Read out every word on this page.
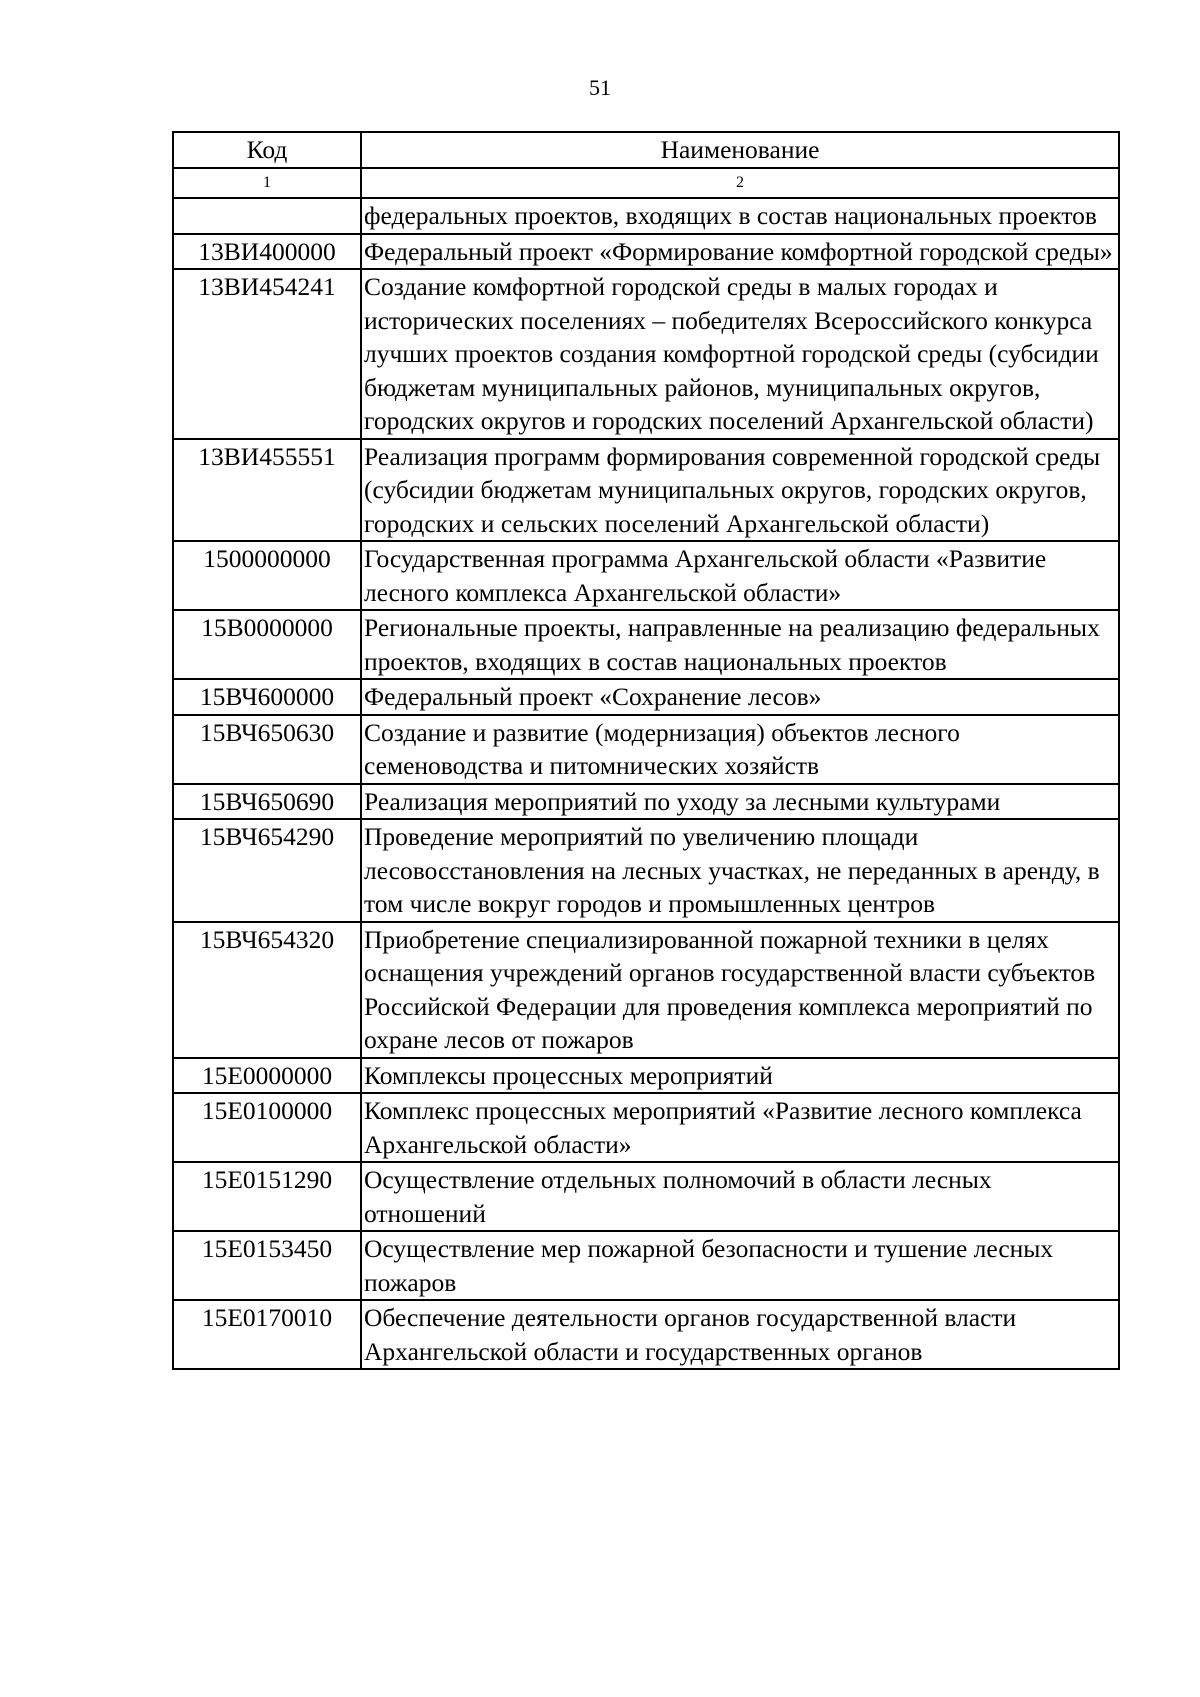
51
Код	Наименование
1	2
	федеральных проектов, входящих в состав национальных проектов
13ВИ400000	Федеральный проект «Формирование комфортной городской среды»
13ВИ454241	Создание комфортной городской среды в малых городах и исторических поселениях – победителях Всероссийского конкурса лучших проектов создания комфортной городской среды (субсидии бюджетам муниципальных районов, муниципальных округов, городских округов и городских поселений Архангельской области)
13ВИ455551	Реализация программ формирования современной городской среды (субсидии бюджетам муниципальных округов, городских округов, городских и сельских поселений Архангельской области)
1500000000	Государственная программа Архангельской области «Развитие лесного комплекса Архангельской области»
15В0000000	Региональные проекты, направленные на реализацию федеральных проектов, входящих в состав национальных проектов
15ВЧ600000	Федеральный проект «Сохранение лесов»
15ВЧ650630	Создание и развитие (модернизация) объектов лесного семеноводства и питомнических хозяйств
15ВЧ650690	Реализация мероприятий по уходу за лесными культурами
15ВЧ654290	Проведение мероприятий по увеличению площади лесовосстановления на лесных участках, не переданных в аренду, в том числе вокруг городов и промышленных центров
15ВЧ654320	Приобретение специализированной пожарной техники в целях оснащения учреждений органов государственной власти субъектов Российской Федерации для проведения комплекса мероприятий по охране лесов от пожаров
15Е0000000	Комплексы процессных мероприятий
15Е0100000	Комплекс процессных мероприятий «Развитие лесного комплекса Архангельской области»
15Е0151290	Осуществление отдельных полномочий в области лесных отношений
15Е0153450	Осуществление мер пожарной безопасности и тушение лесных пожаров
15Е0170010	Обеспечение деятельности органов государственной власти Архангельской области и государственных органов
